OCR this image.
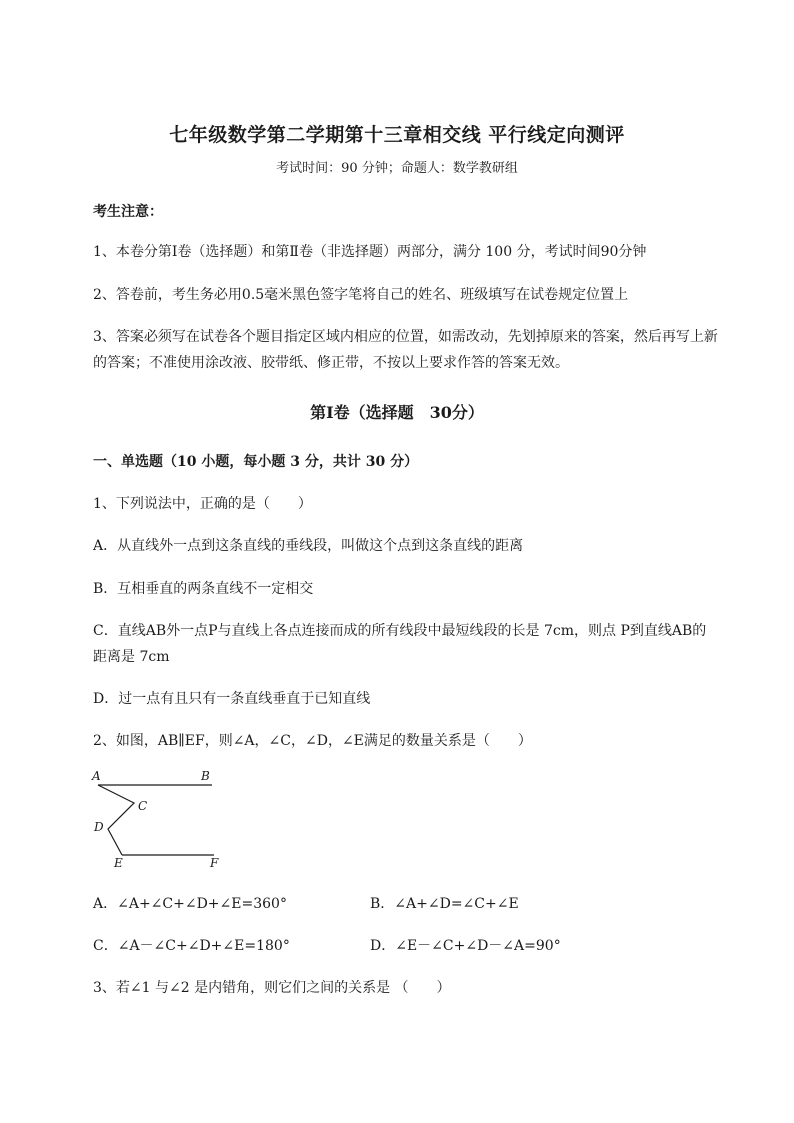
七年级数学第二学期第十三章相交线 平行线定向测评
考试时间：90 分钟；命题人：数学教研组
考生注意：
1、本卷分第Ⅰ卷（选择题）和第Ⅱ卷（非选择题）两部分，满分 100 分，考试时间90分钟
2、答卷前，考生务必用0.5毫米黑色签字笔将自己的姓名、班级填写在试卷规定位置上
3、答案必须写在试卷各个题目指定区域内相应的位置，如需改动，先划掉原来的答案，然后再写上新
的答案；不准使用涂改液、胶带纸、修正带，不按以上要求作答的答案无效。
第Ⅰ卷（选择题　30分）
一、单选题（10 小题，每小题 3 分，共计 30 分）
1、下列说法中，正确的是（　　）
A．从直线外一点到这条直线的垂线段，叫做这个点到这条直线的距离
B．互相垂直的两条直线不一定相交
C．直线AB外一点P与直线上各点连接而成的所有线段中最短线段的长是 7cm，则点 P到直线AB的
距离是 7cm
D．过一点有且只有一条直线垂直于已知直线
2、如图，AB∥EF，则∠A，∠C，∠D，∠E满足的数量关系是（　　）
A	B
C
D
E	F
A．∠A+∠C+∠D+∠E=360°	B．∠A+∠D=∠C+∠E
C．∠A－∠C+∠D+∠E=180°	D．∠E－∠C+∠D－∠A=90°
3、若∠1 与∠2 是内错角，则它们之间的关系是 （　　）
